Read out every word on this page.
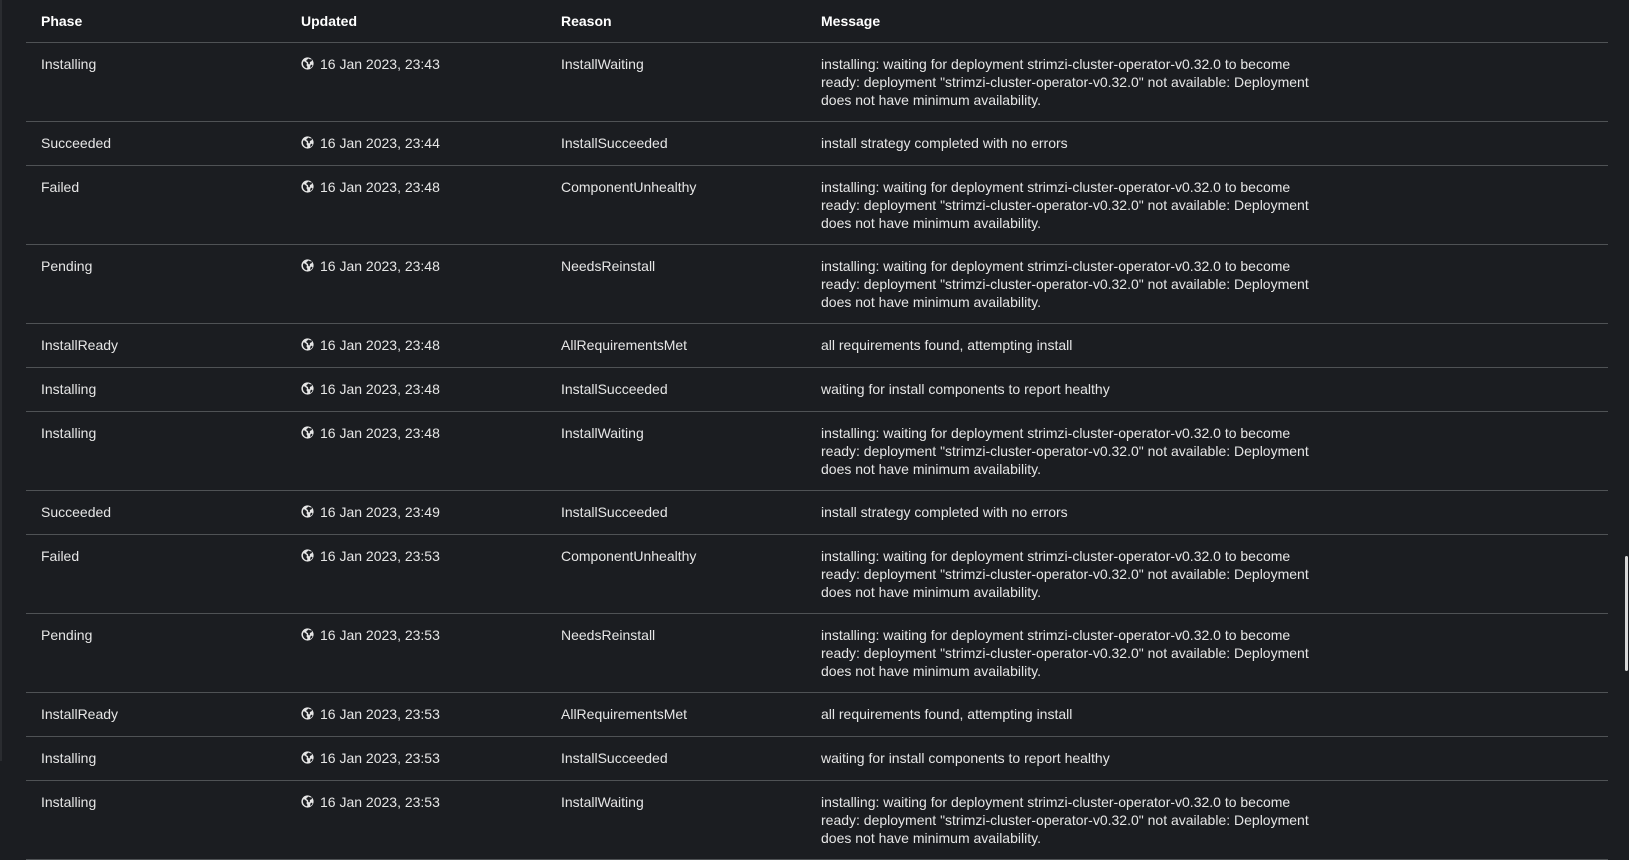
Phase	Updated	Reason	Message
Installing	16 Jan 2023, 23:43	InstallWaiting	installing: waiting for deployment strimzi-cluster-operator-v0.32.0 to become ready: deployment "strimzi-cluster-operator-v0.32.0" not available: Deployment does not have minimum availability.

Succeeded	16 Jan 2023, 23:44	InstallSucceeded	install strategy completed with no errors

Failed	16 Jan 2023, 23:48	ComponentUnhealthy	installing: waiting for deployment strimzi-cluster-operator-v0.32.0 to become ready: deployment "strimzi-cluster-operator-v0.32.0" not available: Deployment does not have minimum availability.

Pending	16 Jan 2023, 23:48	NeedsReinstall	installing: waiting for deployment strimzi-cluster-operator-v0.32.0 to become ready: deployment "strimzi-cluster-operator-v0.32.0" not available: Deployment does not have minimum availability.

InstallReady	16 Jan 2023, 23:48	AllRequirementsMet	all requirements found, attempting install

Installing	16 Jan 2023, 23:48	InstallSucceeded	waiting for install components to report healthy

Installing	16 Jan 2023, 23:48	InstallWaiting	installing: waiting for deployment strimzi-cluster-operator-v0.32.0 to become ready: deployment "strimzi-cluster-operator-v0.32.0" not available: Deployment does not have minimum availability.

Succeeded	16 Jan 2023, 23:49	InstallSucceeded	install strategy completed with no errors

Failed	16 Jan 2023, 23:53	ComponentUnhealthy	installing: waiting for deployment strimzi-cluster-operator-v0.32.0 to become ready: deployment "strimzi-cluster-operator-v0.32.0" not available: Deployment does not have minimum availability.

Pending	16 Jan 2023, 23:53	NeedsReinstall	installing: waiting for deployment strimzi-cluster-operator-v0.32.0 to become ready: deployment "strimzi-cluster-operator-v0.32.0" not available: Deployment does not have minimum availability.

InstallReady	16 Jan 2023, 23:53	AllRequirementsMet	all requirements found, attempting install

Installing	16 Jan 2023, 23:53	InstallSucceeded	waiting for install components to report healthy

Installing	16 Jan 2023, 23:53	InstallWaiting	installing: waiting for deployment strimzi-cluster-operator-v0.32.0 to become ready: deployment "strimzi-cluster-operator-v0.32.0" not available: Deployment does not have minimum availability.
